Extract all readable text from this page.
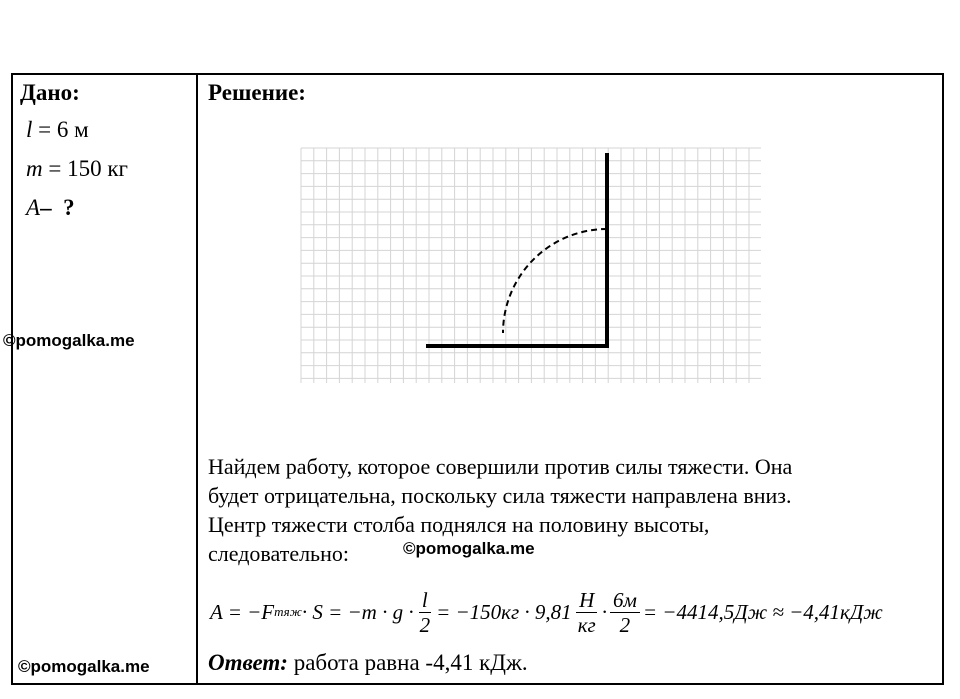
Дано:
l = 6 м
m = 150 кг
A– ?
©pomogalka.me
©pomogalka.me
Решение:

Найдем работу, которое совершили против силы тяжести. Она

будет отрицательна, поскольку сила тяжести направлена вниз.

Центр тяжести столба поднялся на половину высоты,

следовательно:	©pomogalka.me
A = −F тяж · $S = -m \cdot g \cdot \frac{l}{2} = -150кг \cdot 9,81 \frac{Н}{кг} \cdot \frac{6м}{2} = -4414,5Дж \approx -4,41кДж$
Ответ: работа равна -4,41 кДж.
